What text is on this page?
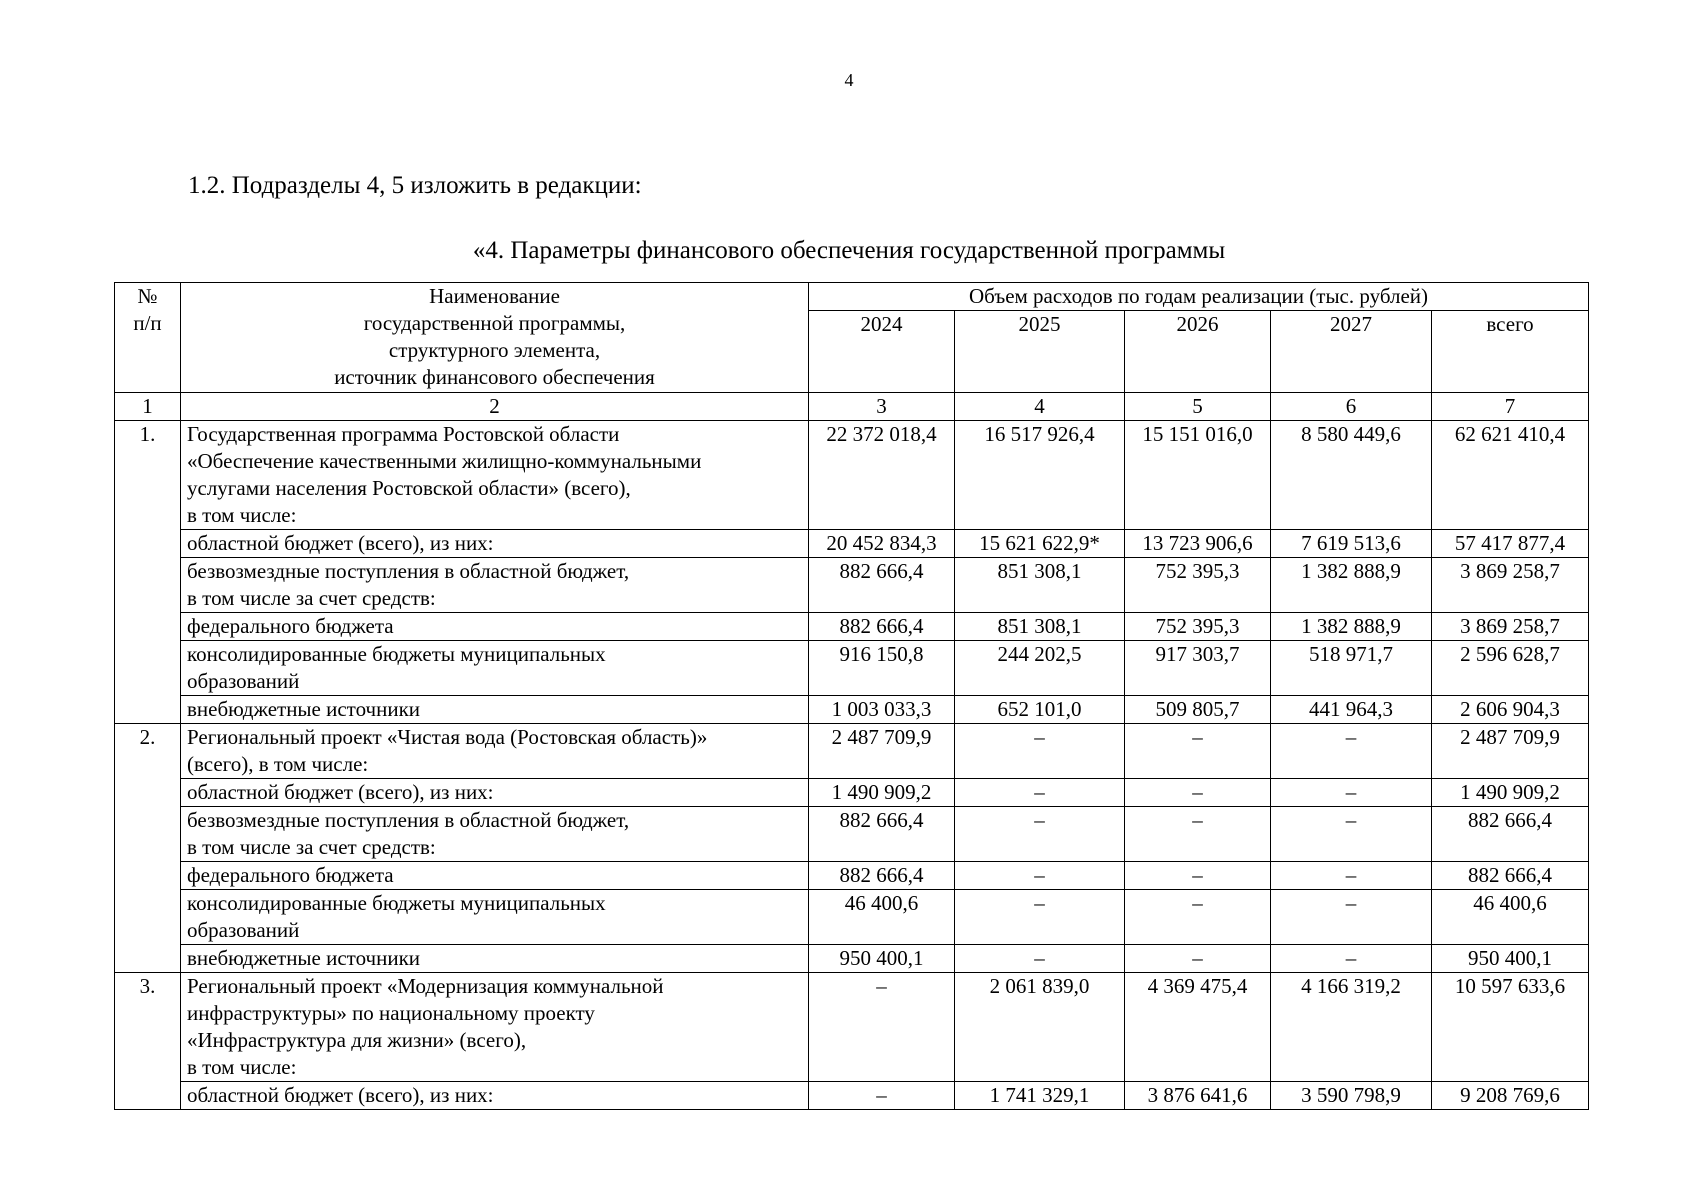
4
1.2. Подразделы 4, 5 изложить в редакции:
«4. Параметры финансового обеспечения государственной программы
№
п/п	Наименование
государственной программы,
структурного элемента,
источник финансового обеспечения	Объем расходов по годам реализации (тыс. рублей)				
		2024	2025	2026	2027	всего
1	2	3	4	5	6	7
1.	Государственная программа Ростовской области
«Обеспечение качественными жилищно-коммунальными
услугами населения Ростовской области» (всего),
в том числе:	22 372 018,4	16 517 926,4	15 151 016,0	8 580 449,6	62 621 410,4
	областной бюджет (всего), из них:	20 452 834,3	15 621 622,9*	13 723 906,6	7 619 513,6	57 417 877,4
	безвозмездные поступления в областной бюджет,
в том числе за счет средств:	882 666,4	851 308,1	752 395,3	1 382 888,9	3 869 258,7
	федерального бюджета	882 666,4	851 308,1	752 395,3	1 382 888,9	3 869 258,7
	консолидированные бюджеты муниципальных
образований	916 150,8	244 202,5	917 303,7	518 971,7	2 596 628,7
	внебюджетные источники	1 003 033,3	652 101,0	509 805,7	441 964,3	2 606 904,3
2.	Региональный проект «Чистая вода (Ростовская область)»
(всего), в том числе:	2 487 709,9	–	–	–	2 487 709,9
	областной бюджет (всего), из них:	1 490 909,2	–	–	–	1 490 909,2
	безвозмездные поступления в областной бюджет,
в том числе за счет средств:	882 666,4	–	–	–	882 666,4
	федерального бюджета	882 666,4	–	–	–	882 666,4
	консолидированные бюджеты муниципальных
образований	46 400,6	–	–	–	46 400,6
	внебюджетные источники	950 400,1	–	–	–	950 400,1
3.	Региональный проект «Модернизация коммунальной
инфраструктуры» по национальному проекту
«Инфраструктура для жизни» (всего),
в том числе:	–	2 061 839,0	4 369 475,4	4 166 319,2	10 597 633,6
	областной бюджет (всего), из них:	–	1 741 329,1	3 876 641,6	3 590 798,9	9 208 769,6
